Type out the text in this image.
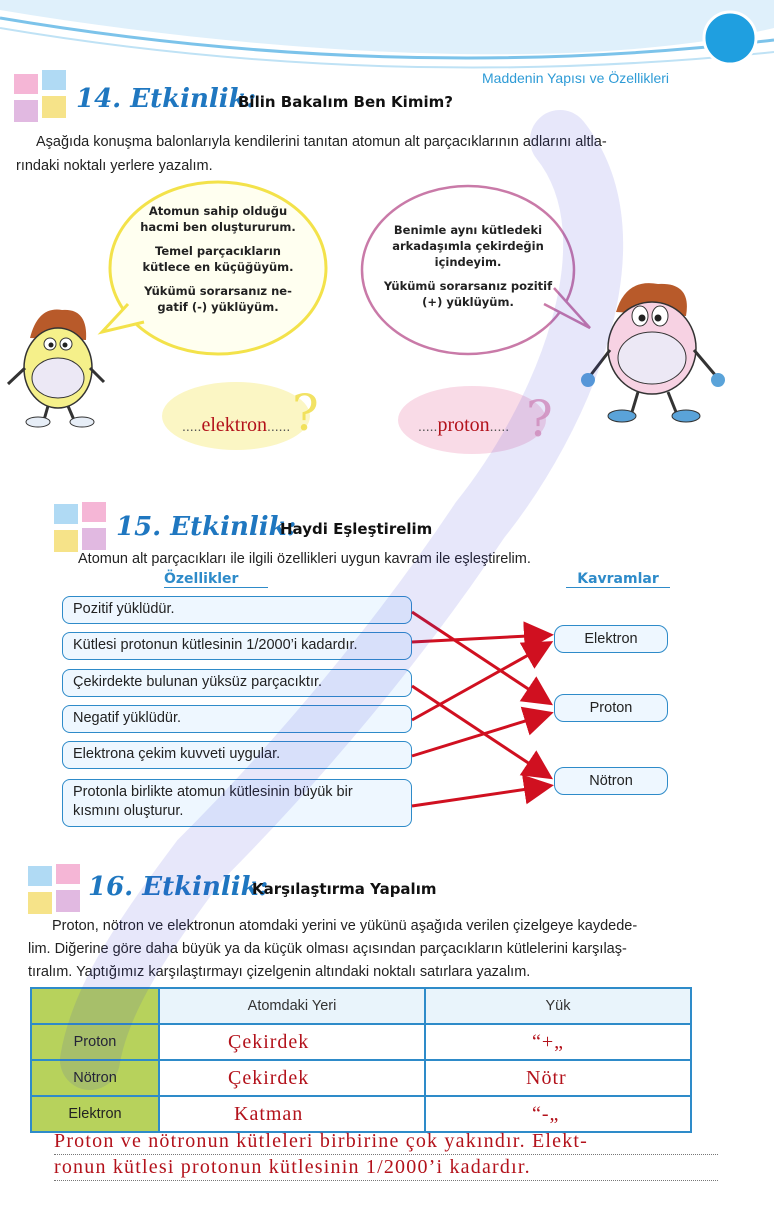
Maddenin Yapısı ve Özellikleri
14. Etkinlik:
Bilin Bakalım Ben Kimim?
Aşağıda konuşma balonlarıyla kendilerini tanıtan atomun alt parçacıklarının adlarını altla-
rındaki noktalı yerlere yazalım.
Atomun sahip olduğu
hacmi ben oluştururum.
Temel parçacıkların
kütlece en küçüğüyüm.
Yükümü sorarsanız ne-
gatif (-) yüklüyüm.
Benimle aynı kütledeki
arkadaşımla çekirdeğin
içindeyim.
Yükümü sorarsanız pozitif
(+) yüklüyüm.
?
.....elektron......	?
.....proton.....
15. Etkinlik:
Haydi Eşleştirelim
Atomun alt parçacıkları ile ilgili özellikleri uygun kavram ile eşleştirelim.
Özellikler	Kavramlar
Pozitif yüklüdür.
Kütlesi protonun kütlesinin 1/2000’i kadardır.
Çekirdekte bulunan yüksüz parçacıktır.
Negatif yüklüdür.
Elektrona çekim kuvveti uygular.
Protonla birlikte atomun kütlesinin büyük bir kısmını oluşturur.
Elektron
Proton
Nötron
16. Etkinlik:
Karşılaştırma Yapalım
Proton, nötron ve elektronun atomdaki yerini ve yükünü aşağıda verilen çizelgeye kaydede-
lim. Diğerine göre daha büyük ya da küçük olması açısından parçacıkların kütlelerini karşılaş-
tıralım. Yaptığımız karşılaştırmayı çizelgenin altındaki noktalı satırlara yazalım.
	Atomdaki Yeri	Yük
Proton	Çekirdek	“+„
Nötron	Çekirdek	Nötr
Elektron	Katman	“-„
Proton ve nötronun kütleleri birbirine çok yakındır. Elekt-
ronun kütlesi protonun kütlesinin 1/2000’i kadardır.
